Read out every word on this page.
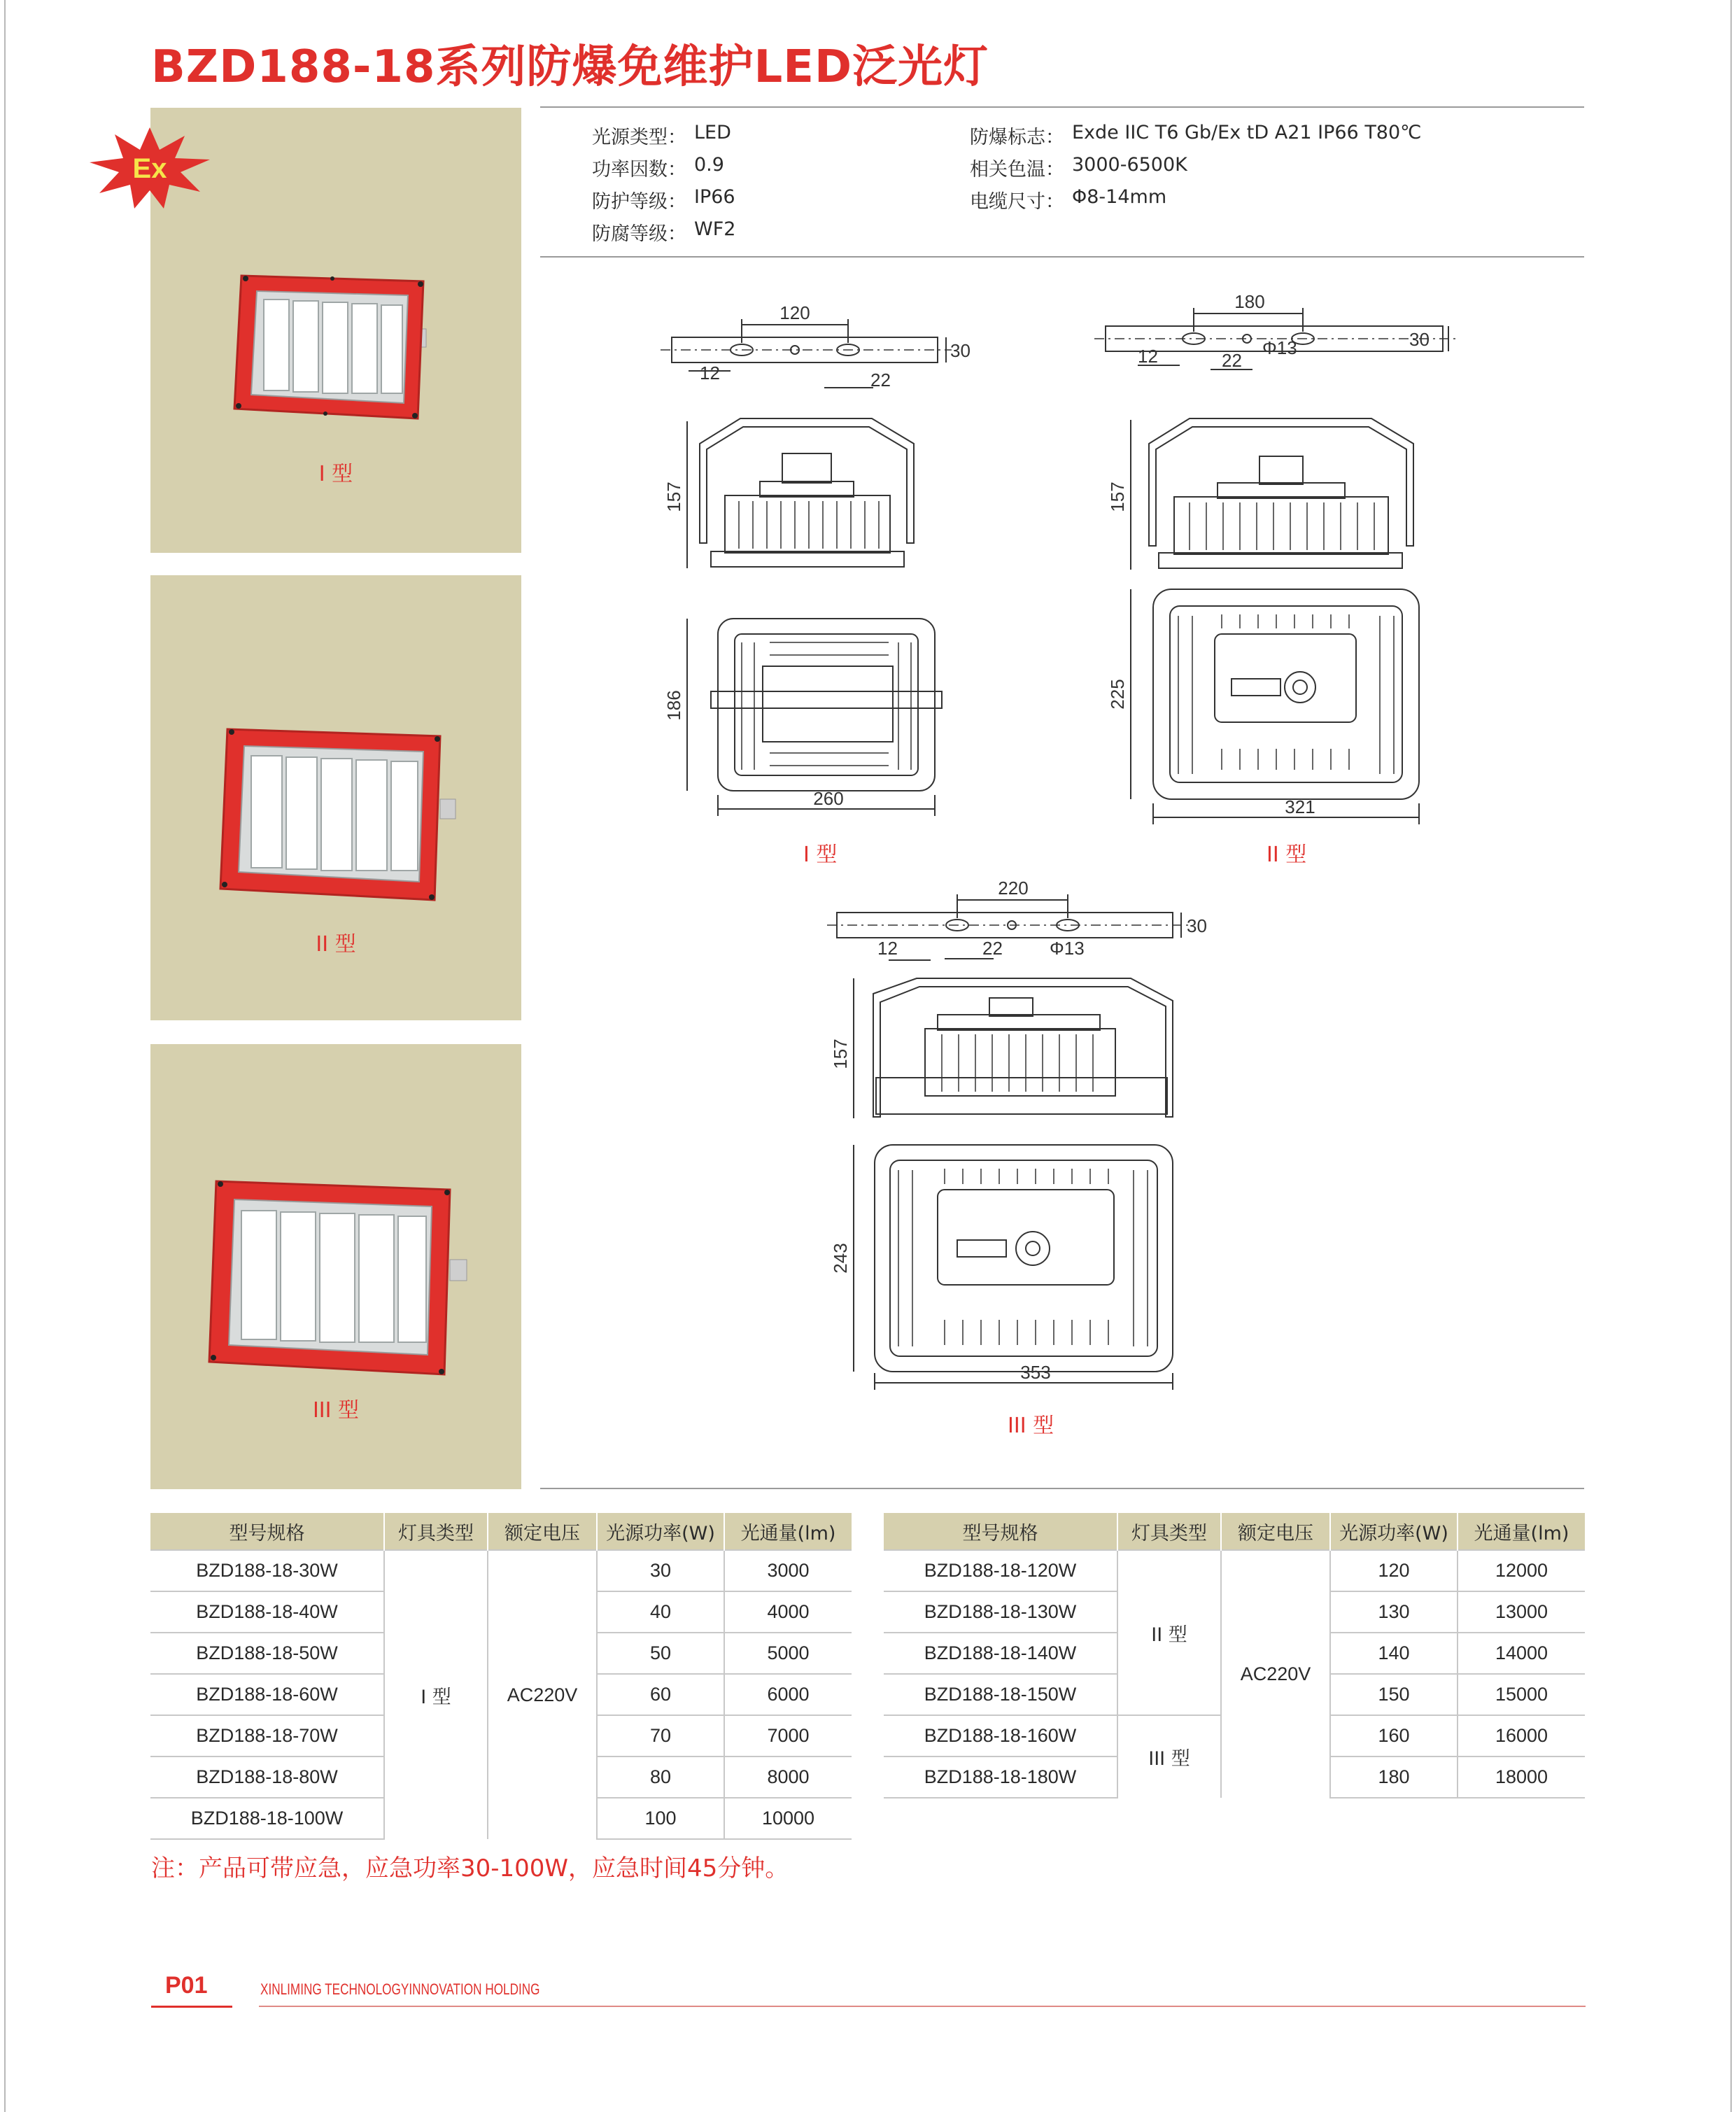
BZD188-18系列防爆免维护LED泛光灯
I 型
Ex
II 型
III 型
光源类型： LED
功率因数： 0.9
防护等级： IP66
防腐等级： WF2
防爆标志： Exde IIC T6 Gb/Ex tD A21 IP66 T80℃
相关色温： 3000-6500K
电缆尺寸： Φ8-14mm
120
30
12	22
157
186
260
I 型
180
30
12	22
Φ13
157
225
321
II 型
220
30
12	22	Φ13
157
243
353
III 型
型号规格	灯具类型	额定电压	光源功率(W)	光通量(lm)
BZD188-18-30W	I 型	AC220V	30	3000
BZD188-18-40W			40	4000
BZD188-18-50W			50	5000
BZD188-18-60W			60	6000
BZD188-18-70W			70	7000
BZD188-18-80W			80	8000
BZD188-18-100W			100	10000
型号规格	灯具类型	额定电压	光源功率(W)	光通量(lm)
BZD188-18-120W	II 型	AC220V	120	12000
BZD188-18-130W			130	13000
BZD188-18-140W			140	14000
BZD188-18-150W			150	15000
BZD188-18-160W	III 型		160	16000
BZD188-18-180W			180	18000

注：产品可带应急，应急功率30-100W，应急时间45分钟。

P01	XINLIMING TECHNOLOGYINNOVATION HOLDING
